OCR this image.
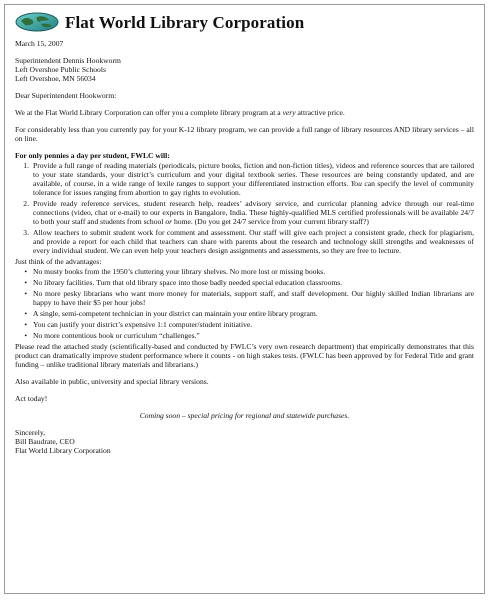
Flat World Library Corporation
March 15, 2007
Superintendent Dennis Hookworm
Left Overshoe Public Schools
Left Overshoe, MN 56034
Dear Superintendent Hookworm:
We at the Flat World Library Corporation can offer you a complete library program at a very attractive price.
For considerably less than you currently pay for your K-12 library program, we can provide a full range of library resources AND library services – all on line.
For only pennies a day per student, FWLC will:
1. Provide a full range of reading materials (periodicals, picture books, fiction and non-fiction titles), videos and reference sources that are tailored to your state standards, your district’s curriculum and your digital textbook series. These resources are being constantly updated, and are available, of course, in a wide range of lexile ranges to support your differentiated instruction efforts. You can specify the level of community tolerance for issues ranging from abortion to gay rights to evolution.
2. Provide ready reference services, student research help, readers’ advisory service, and curricular planning advice through our real-time connections (video, chat or e-mail) to our experts in Bangalore, India. These highly-qualified MLS certified professionals will be available 24/7 to both your staff and students from school or home. (Do you get 24/7 service from your current library staff?)
3. Allow teachers to submit student work for comment and assessment. Our staff will give each project a consistent grade, check for plagiarism, and provide a report for each child that teachers can share with parents about the research and technology skill strengths and weaknesses of every individual student. We can even help your teachers design assignments and assessments, so they are free to lecture.
Just think of the advantages:
• No musty books from the 1950’s cluttering your library shelves. No more lost or missing books.
• No library facilities. Turn that old library space into those badly needed special education classrooms.
• No more pesky librarians who want more money for materials, support staff, and staff development. Our highly skilled Indian librarians are happy to have their $5 per hour jobs!
• A single, semi-competent technician in your district can maintain your entire library program.
• You can justify your district’s expensive 1:1 computer/student initiative.
• No more contentious book or curriculum “challenges.”
Please read the attached study (scientifically-based and conducted by FWLC’s very own research department) that empirically demonstrates that this product can dramatically improve student performance where it counts - on high stakes tests. (FWLC has been approved by for Federal Title and grant funding – unlike traditional library materials and librarians.)
Also available in public, university and special library versions.
Act today!
Coming soon – special pricing for regional and statewide purchases.
Sincerely,
Bill Baudrate, CEO
Flat World Library Corporation
